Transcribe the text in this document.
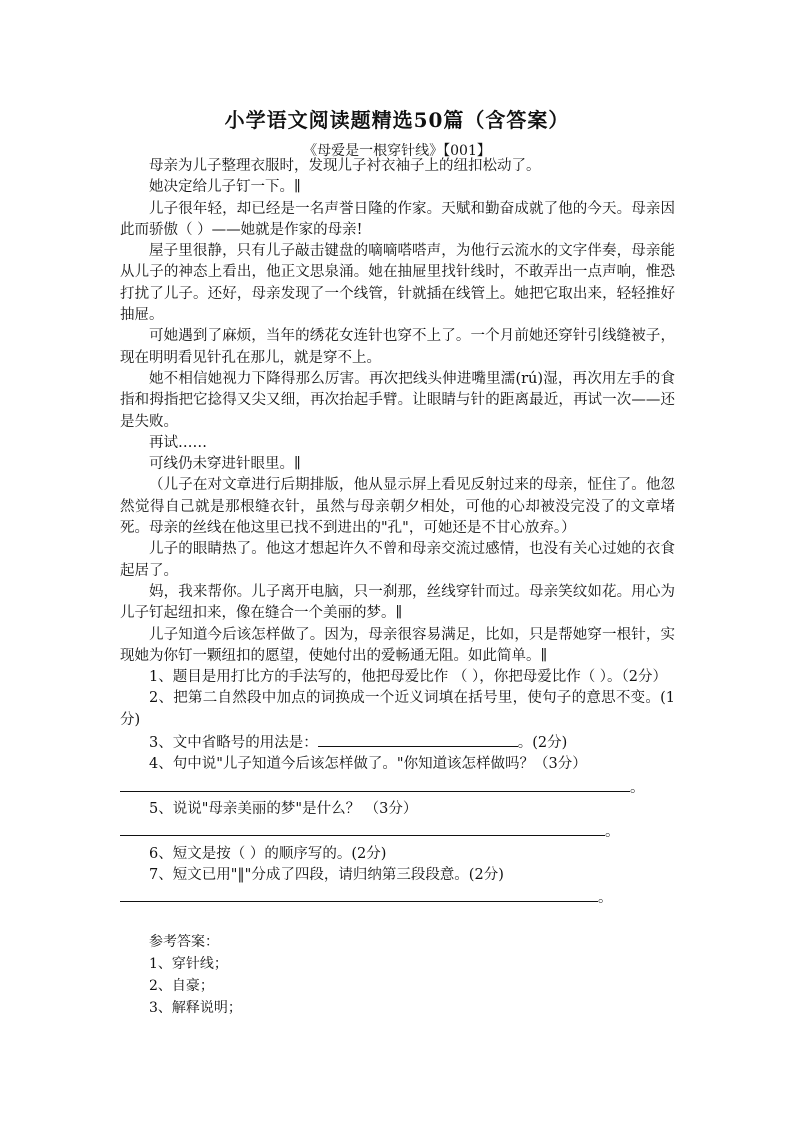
小学语文阅读题精选50篇（含答案）
《母爱是一根穿针线》【001】

母亲为儿子整理衣服时，发现儿子衬衣袖子上的纽扣松动了。

她决定给儿子钉一下。∥

儿子很年轻，却已经是一名声誉日隆的作家。天赋和勤奋成就了他的今天。母亲因此而骄傲（ ）——她就是作家的母亲!

屋子里很静，只有儿子敲击键盘的嘀嘀嗒嗒声，为他行云流水的文字伴奏，母亲能从儿子的神态上看出，他正文思泉涌。她在抽屉里找针线时，不敢弄出一点声响，惟恐打扰了儿子。还好，母亲发现了一个线管，针就插在线管上。她把它取出来，轻轻推好抽屉。

可她遇到了麻烦，当年的绣花女连针也穿不上了。一个月前她还穿针引线缝被子，现在明明看见针孔在那儿，就是穿不上。

她不相信她视力下降得那么厉害。再次把线头伸进嘴里濡(rú)湿，再次用左手的食指和拇指把它捻得又尖又细，再次抬起手臂。让眼睛与针的距离最近，再试一次——还是失败。

再试……

可线仍未穿进针眼里。∥

（儿子在对文章进行后期排版，他从显示屏上看见反射过来的母亲，怔住了。他忽然觉得自己就是那根缝衣针，虽然与母亲朝夕相处，可他的心却被没完没了的文章堵死。母亲的丝线在他这里已找不到进出的"孔"，可她还是不甘心放弃。）

儿子的眼睛热了。他这才想起许久不曾和母亲交流过感情，也没有关心过她的衣食起居了。

妈，我来帮你。儿子离开电脑，只一刹那，丝线穿针而过。母亲笑纹如花。用心为儿子钉起纽扣来，像在缝合一个美丽的梦。∥

儿子知道今后该怎样做了。因为，母亲很容易满足，比如，只是帮她穿一根针，实现她为你钉一颗纽扣的愿望，使她付出的爱畅通无阻。如此简单。∥

1、题目是用打比方的手法写的，他把母爱比作 （ ），你把母爱比作（ ）。（2分）

2、把第二自然段中加点的词换成一个近义词填在括号里，使句子的意思不变。(1分)

3、文中省略号的用法是：	。(2分)

4、句中说"儿子知道今后该怎样做了。"你知道该怎样做吗？（3分）

。

5、说说"母亲美丽的梦"是什么？ （3分）

。

6、短文是按（ ）的顺序写的。(2分)

7、短文已用"‖"分成了四段，请归纳第三段段意。(2分)

。

参考答案：

1、穿针线；

2、自豪；

3、解释说明；
